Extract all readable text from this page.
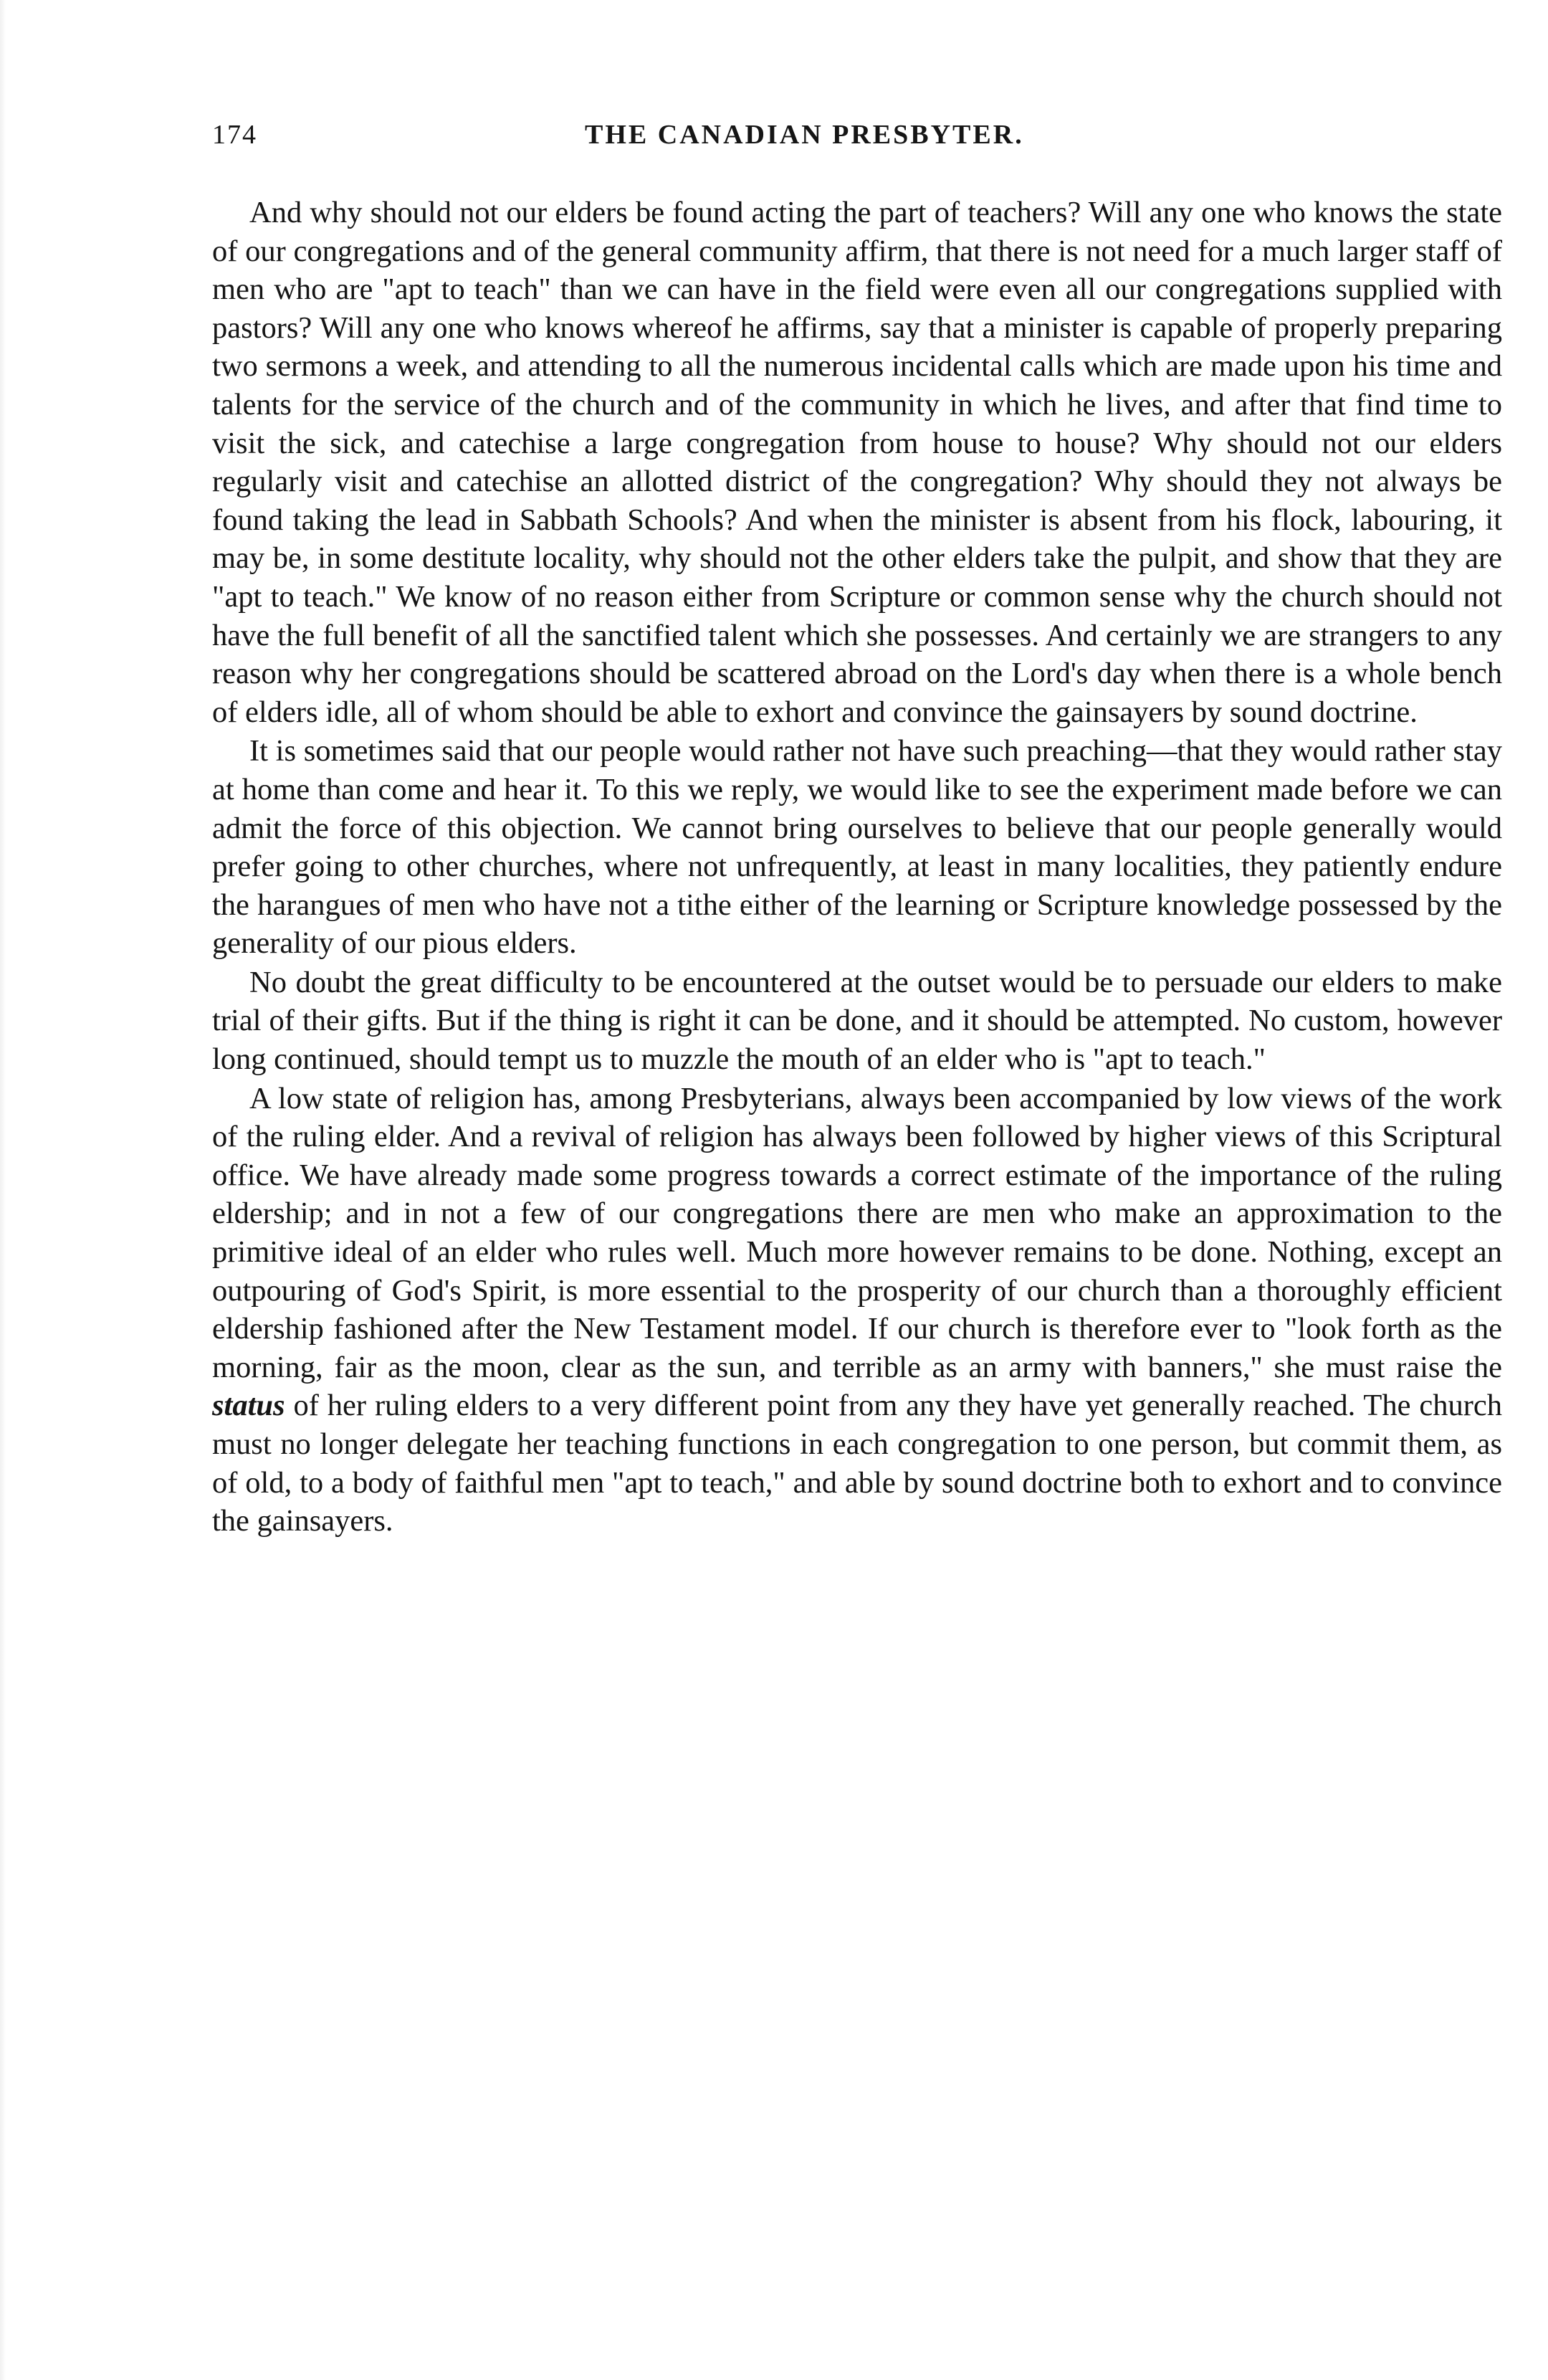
174	THE CANADIAN PRESBYTER.

And why should not our elders be found acting the part of teachers? Will any one who knows the state of our congregations and of the general community affirm, that there is not need for a much larger staff of men who are "apt to teach" than we can have in the field were even all our congregations supplied with pastors? Will any one who knows whereof he affirms, say that a minister is capable of properly preparing two sermons a week, and attending to all the numerous incidental calls which are made upon his time and talents for the service of the church and of the community in which he lives, and after that find time to visit the sick, and catechise a large congregation from house to house? Why should not our elders regularly visit and catechise an allotted district of the congregation? Why should they not always be found taking the lead in Sabbath Schools? And when the minister is absent from his flock, labouring, it may be, in some destitute locality, why should not the other elders take the pulpit, and show that they are "apt to teach." We know of no reason either from Scripture or common sense why the church should not have the full benefit of all the sanctified talent which she possesses. And certainly we are strangers to any reason why her congregations should be scattered abroad on the Lord's day when there is a whole bench of elders idle, all of whom should be able to exhort and convince the gainsayers by sound doctrine.

It is sometimes said that our people would rather not have such preaching—that they would rather stay at home than come and hear it. To this we reply, we would like to see the experiment made before we can admit the force of this objection. We cannot bring ourselves to believe that our people generally would prefer going to other churches, where not unfrequently, at least in many localities, they patiently endure the harangues of men who have not a tithe either of the learning or Scripture knowledge possessed by the generality of our pious elders.

No doubt the great difficulty to be encountered at the outset would be to persuade our elders to make trial of their gifts. But if the thing is right it can be done, and it should be attempted. No custom, however long continued, should tempt us to muzzle the mouth of an elder who is "apt to teach."

A low state of religion has, among Presbyterians, always been accompanied by low views of the work of the ruling elder. And a revival of religion has always been followed by higher views of this Scriptural office. We have already made some progress towards a correct estimate of the importance of the ruling eldership; and in not a few of our congregations there are men who make an approximation to the primitive ideal of an elder who rules well. Much more however remains to be done. Nothing, except an outpouring of God's Spirit, is more essential to the prosperity of our church than a thoroughly efficient eldership fashioned after the New Testament model. If our church is therefore ever to "look forth as the morning, fair as the moon, clear as the sun, and terrible as an army with banners," she must raise the status of her ruling elders to a very different point from any they have yet generally reached. The church must no longer delegate her teaching functions in each congregation to one person, but commit them, as of old, to a body of faithful men "apt to teach," and able by sound doctrine both to exhort and to convince the gainsayers.
